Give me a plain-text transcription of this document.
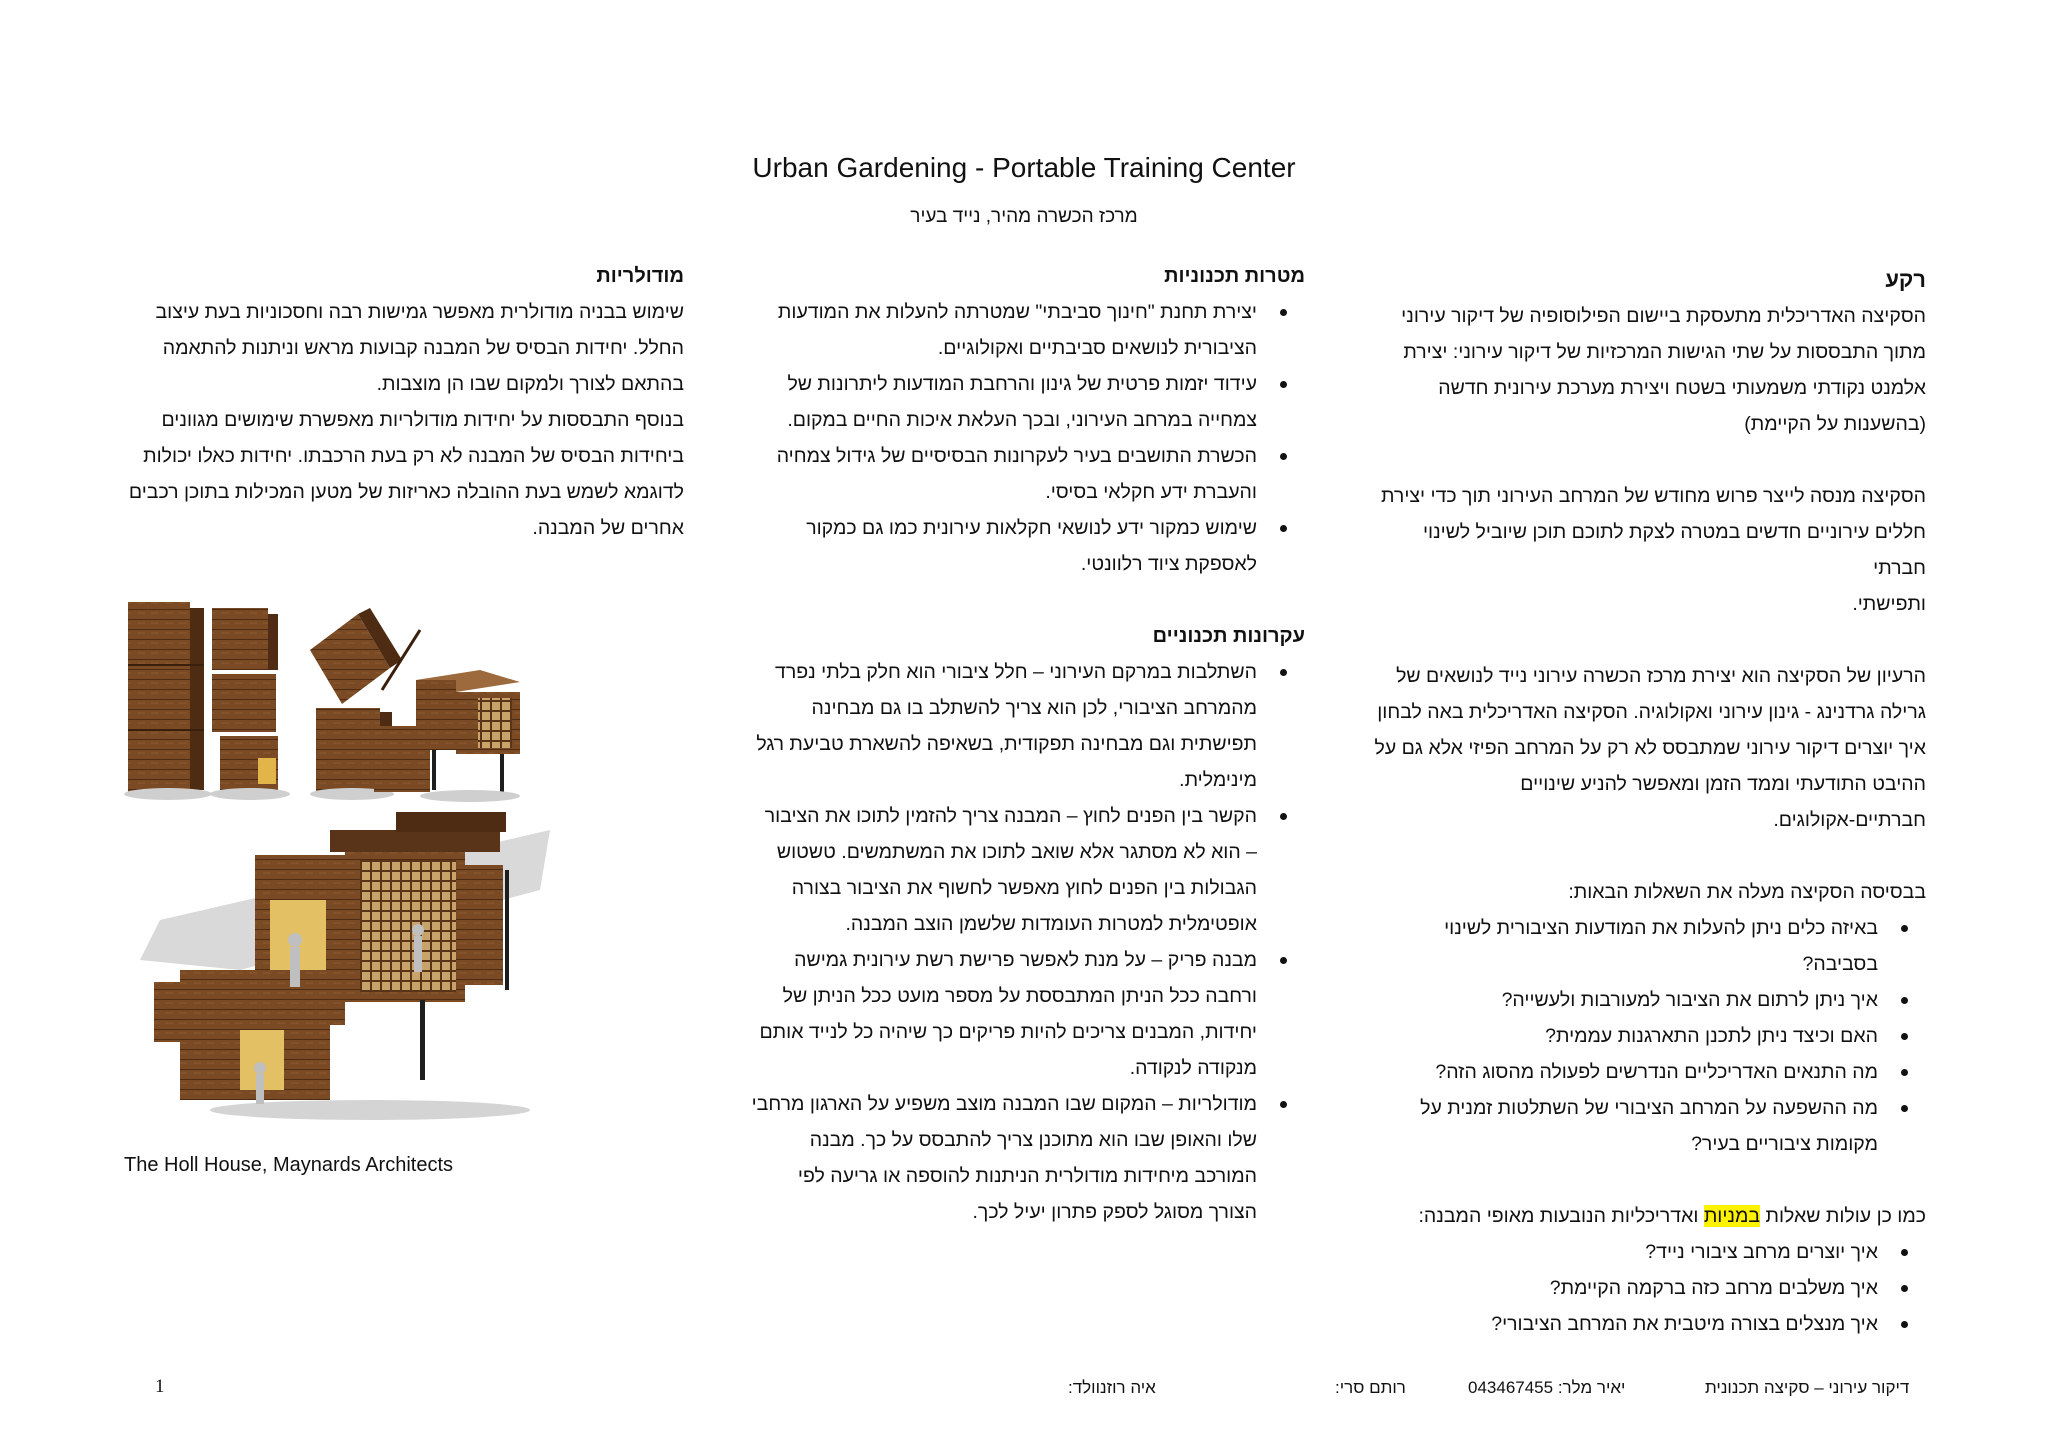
Urban Gardening - Portable Training Center
מרכז הכשרה מהיר, נייד בעיר
רקע

הסקיצה האדריכלית מתעסקת ביישום הפילוסופיה של דיקור עירוני

מתוך התבססות על שתי הגישות המרכזיות של דיקור עירוני: יצירת

אלמנט נקודתי משמעותי בשטח ויצירת מערכת עירונית חדשה

(בהשענות על הקיימת)

הסקיצה מנסה לייצר פרוש מחודש של המרחב העירוני תוך כדי יצירת

חללים עירוניים חדשים במטרה לצקת לתוכם תוכן שיוביל לשינוי חברתי

ותפישתי.

הרעיון של הסקיצה הוא יצירת מרכז הכשרה עירוני נייד לנושאים של

גרילה גרדנינג - גינון עירוני ואקולוגיה. הסקיצה האדריכלית באה לבחון

איך יוצרים דיקור עירוני שמתבסס לא רק על המרחב הפיזי אלא גם על

ההיבט התודעתי וממד הזמן ומאפשר להניע שינויים חברתיים-אקולוגים.

בבסיסה הסקיצה מעלה את השאלות הבאות:

באיזה כלים ניתן להעלות את המודעות הציבורית לשינוי

בסביבה?

איך ניתן לרתום את הציבור למעורבות ולעשייה?

האם וכיצד ניתן לתכנן התארגנות עממית?

מה התנאים האדריכליים הנדרשים לפעולה מהסוג הזה?

מה ההשפעה על המרחב הציבורי של השתלטות זמנית על

מקומות ציבוריים בעיר?

כמו כן עולות שאלות במניות ואדריכליות הנובעות מאופי המבנה:

איך יוצרים מרחב ציבורי נייד?
איך משלבים מרחב כזה ברקמה הקיימת?
איך מנצלים בצורה מיטבית את המרחב הציבורי?
מטרות תכנוניות

יצירת תחנת "חינוך סביבתי" שמטרתה להעלות את המודעות

הציבורית לנושאים סביבתיים ואקולוגיים.

עידוד יזמות פרטית של גינון והרחבת המודעות ליתרונות של

צמחייה במרחב העירוני, ובכך העלאת איכות החיים במקום.

הכשרת התושבים בעיר לעקרונות הבסיסיים של גידול צמחיה

והעברת ידע חקלאי בסיסי.

שימוש כמקור ידע לנושאי חקלאות עירונית כמו גם כמקור

לאספקת ציוד רלוונטי.

עקרונות תכנוניים

השתלבות במרקם העירוני – חלל ציבורי הוא חלק בלתי נפרד

מהמרחב הציבורי, לכן הוא צריך להשתלב בו גם מבחינה

תפישתית וגם מבחינה תפקודית, בשאיפה להשארת טביעת רגל

מינימלית.

הקשר בין הפנים לחוץ – המבנה צריך להזמין לתוכו את הציבור

– הוא לא מסתגר אלא שואב לתוכו את המשתמשים. טשטוש

הגבולות בין הפנים לחוץ מאפשר לחשוף את הציבור בצורה

אופטימלית למטרות העומדות שלשמן הוצב המבנה.

מבנה פריק – על מנת לאפשר פרישת רשת עירונית גמישה

ורחבה ככל הניתן המתבססת על מספר מועט ככל הניתן של

יחידות, המבנים צריכים להיות פריקים כך שיהיה כל לנייד אותם

מנקודה לנקודה.

מודולריות – המקום שבו המבנה מוצב משפיע על הארגון מרחבי

שלו והאופן שבו הוא מתוכנן צריך להתבסס על כך. מבנה

המורכב מיחידות מודולרית הניתנות להוספה או גריעה לפי

הצורך מסוגל לספק פתרון יעיל לכך.

מודולריות

שימוש בבניה מודולרית מאפשר גמישות רבה וחסכוניות בעת עיצוב

החלל. יחידות הבסיס של המבנה קבועות מראש וניתנות להתאמה

בהתאם לצורך ולמקום שבו הן מוצבות.

בנוסף התבססות על יחידות מודולריות מאפשרת שימושים מגוונים

ביחידות הבסיס של המבנה לא רק בעת הרכבתו. יחידות כאלו יכולות

לדוגמא לשמש בעת ההובלה כאריזות של מטען המכילות בתוכן רכבים

אחרים של המבנה.

The Holl House, Maynards Architects
דיקור עירוני – סקיצה תכנונית
יאיר מלר: 043467455
רותם סרי:
איה רוזנוולד:
1
